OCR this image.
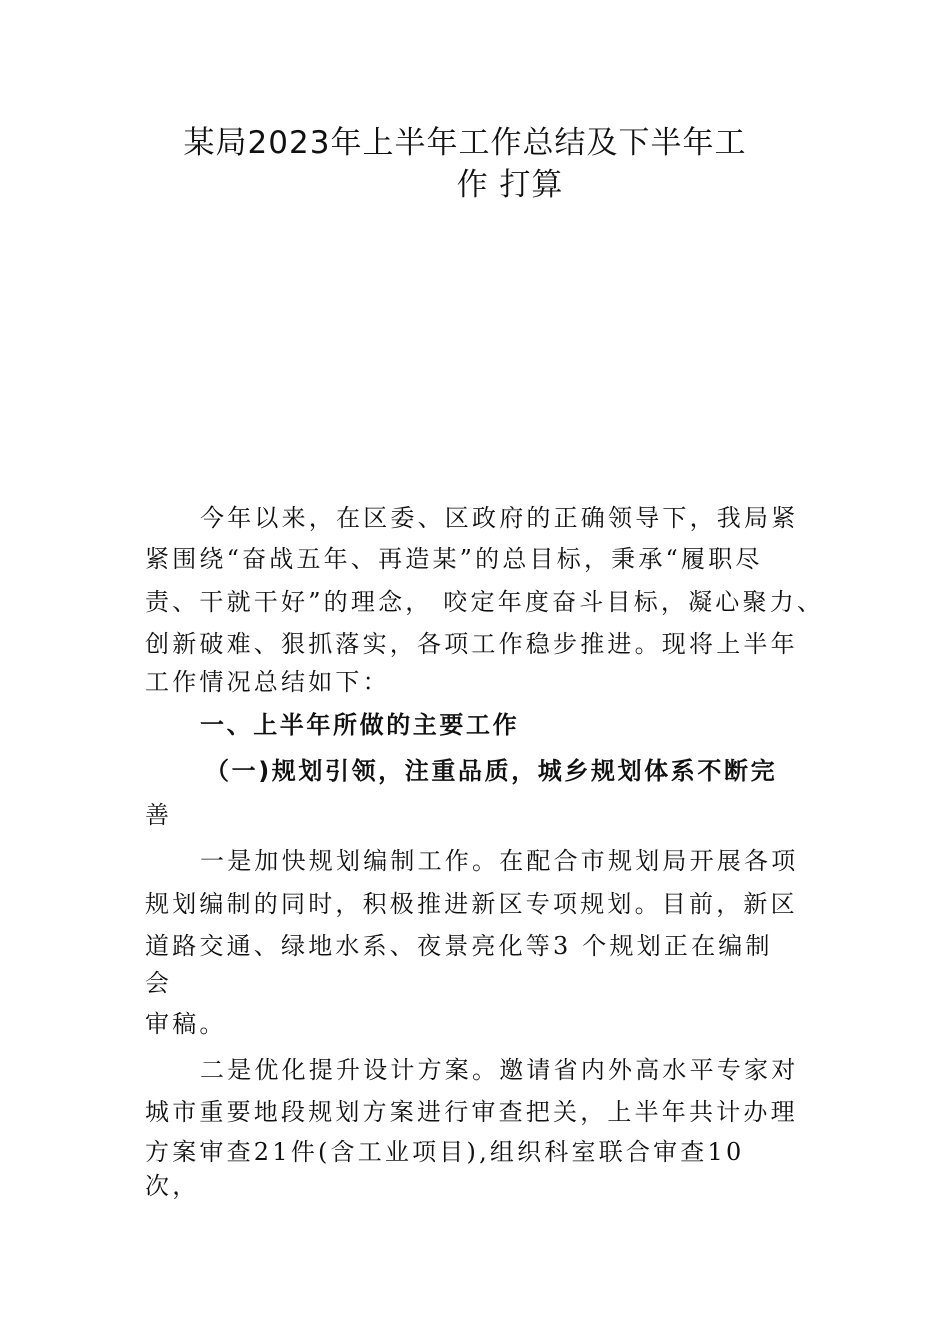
某局2023年上半年工作总结及下半年工
作 打算
今年以来，在区委、区政府的正确领导下，我局紧
紧围绕“奋战五年、再造某”的总目标，秉承“履职尽
责、干就干好”的理念， 咬定年度奋斗目标，凝心聚力、
创新破难、狠抓落实，各项工作稳步推进。现将上半年
工作情况总结如下：
一、上半年所做的主要工作
（一)规划引领，注重品质，城乡规划体系不断完
善
一是加快规划编制工作。在配合市规划局开展各项
规划编制的同时，积极推进新区专项规划。目前，新区
道路交通、绿地水系、夜景亮化等3 个规划正在编制
会
审稿。
二是优化提升设计方案。邀请省内外高水平专家对
城市重要地段规划方案进行审查把关，上半年共计办理
方案审查21件(含工业项目),组织科室联合审查10
次，
